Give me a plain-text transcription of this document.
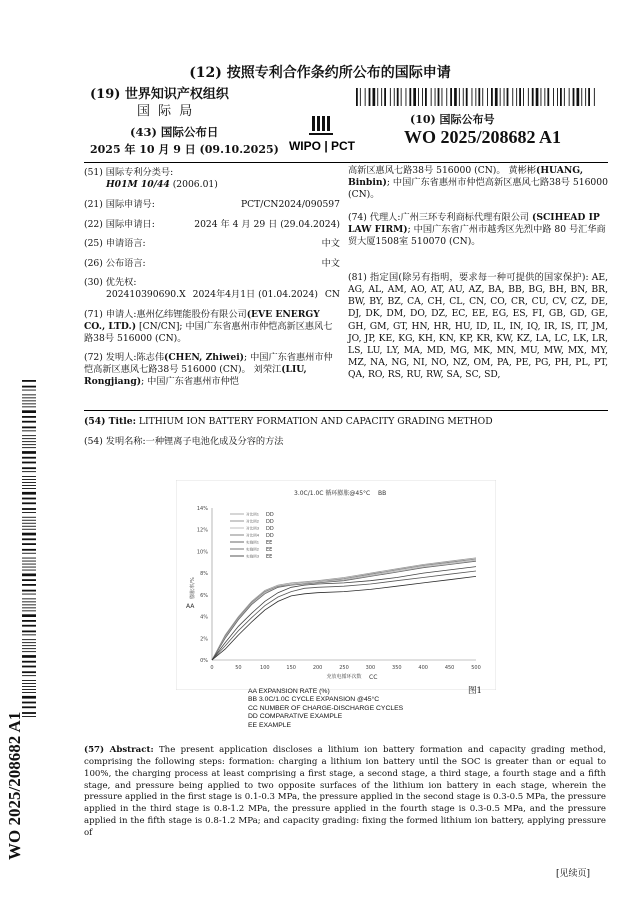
(12) 按照专利合作条约所公布的国际申请
(19) 世界知识产权组织
国 际 局
(43) 国际公布日
2025 年 10 月 9 日 (09.10.2025) WIPO | PCT
(10) 国际公布号
WO 2025/208682 A1
(51) 国际专利分类号:
H01M 10/44 (2006.01)
(21) 国际申请号:	PCT/CN2024/090597
(22) 国际申请日:	2024 年 4 月 29 日 (29.04.2024)
(25) 申请语言:	中文
(26) 公布语言:	中文
(30) 优先权:
202410390690.X 2024年4月1日 (01.04.2024) CN
(71) 申请人:惠州亿纬锂能股份有限公司(EVE ENERGY CO., LTD.) [CN/CN]; 中国广东省惠州市仲恺高新区惠风七路38号 516000 (CN)。
(72) 发明人:陈志伟(CHEN, Zhiwei); 中国广东省惠州市仲恺高新区惠风七路38号 516000 (CN)。 刘荣江(LIU, Rongjiang); 中国广东省惠州市仲恺
高新区惠风七路38号 516000 (CN)。 黄彬彬(HUANG, Binbin); 中国广东省惠州市仲恺高新区惠风七路38号 516000 (CN)。
(74) 代理人:广州三环专利商标代理有限公司 (SCIHEAD IP LAW FIRM); 中国广东省广州市越秀区先烈中路 80 号汇华商贸大厦1508室 510070 (CN)。
(81) 指定国(除另有指明，要求每一种可提供的国家保护): AE, AG, AL, AM, AO, AT, AU, AZ, BA, BB, BG, BH, BN, BR, BW, BY, BZ, CA, CH, CL, CN, CO, CR, CU, CV, CZ, DE, DJ, DK, DM, DO, DZ, EC, EE, EG, ES, FI, GB, GD, GE, GH, GM, GT, HN, HR, HU, ID, IL, IN, IQ, IR, IS, IT, JM, JO, JP, KE, KG, KH, KN, KP, KR, KW, KZ, LA, LC, LK, LR, LS, LU, LY, MA, MD, MG, MK, MN, MU, MW, MX, MY, MZ, NA, NG, NI, NO, NZ, OM, PA, PE, PG, PH, PL, PT, QA, RO, RS, RU, RW, SA, SC, SD,
(54) Title: LITHIUM ION BATTERY FORMATION AND CAPACITY GRADING METHOD
(54) 发明名称:一种锂离子电池化成及分容的方法
3.0C/1.0C 循环膨胀@45°C BB
0	50	100	150	200	250	300	350	400	450	500
0%
2%
4%
6%
8%
10%
12%
14%
充放电循环次数 CC
膨胀率/%
AA
对比例1 DD
对比例2 DD
对比例3 DD
对比例4 DD
实施例1 EE
实施例2 EE
实施例3 EE
AA EXPANSION RATE (%)
BB 3.0C/1.0C CYCLE EXPANSION @45°C
CC NUMBER OF CHARGE-DISCHARGE CYCLES
DD COMPARATIVE EXAMPLE
EE EXAMPLE
图1
(57) Abstract: The present application discloses a lithium ion battery formation and capacity grading method, comprising the following steps: formation: charging a lithium ion battery until the SOC is greater than or equal to 100%, the charging process at least comprising a first stage, a second stage, a third stage, a fourth stage and a fifth stage, and pressure being applied to two opposite surfaces of the lithium ion battery in each stage, wherein the pressure applied in the first stage is 0.1-0.3 MPa, the pressure applied in the second stage is 0.3-0.5 MPa, the pressure applied in the third stage is 0.8-1.2 MPa, the pressure applied in the fourth stage is 0.3-0.5 MPa, and the pressure applied in the fifth stage is 0.8-1.2 MPa; and capacity grading: fixing the formed lithium ion battery, applying pressure of
[见续页]
WO 2025/208682 A1
